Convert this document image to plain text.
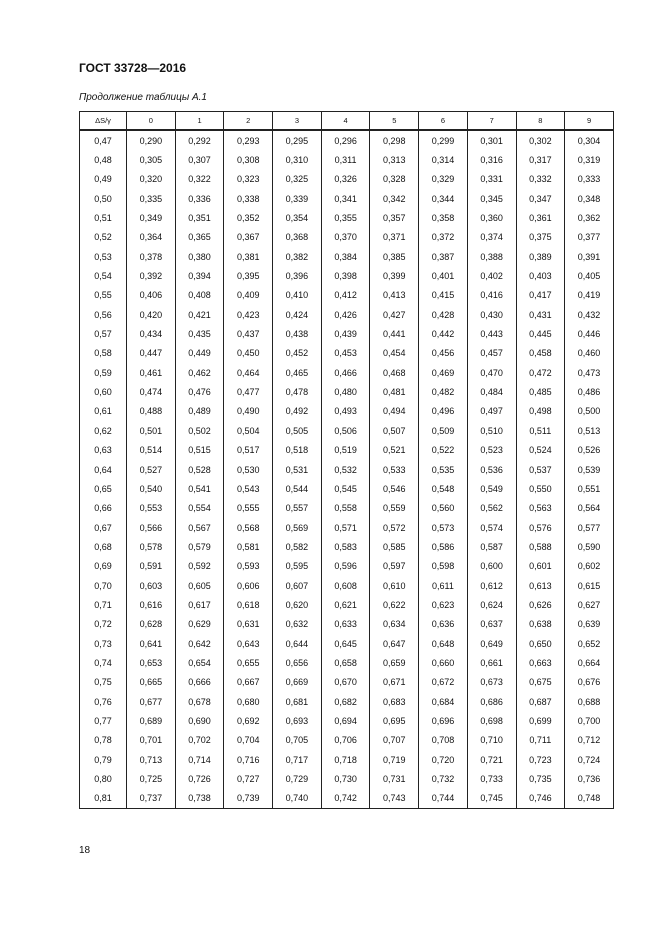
ГОСТ 33728—2016
Продолжение таблицы А.1
ΔS/γ	0	1	2	3	4	5	6	7	8	9
0,47	0,290	0,292	0,293	0,295	0,296	0,298	0,299	0,301	0,302	0,304
0,48	0,305	0,307	0,308	0,310	0,311	0,313	0,314	0,316	0,317	0,319
0,49	0,320	0,322	0,323	0,325	0,326	0,328	0,329	0,331	0,332	0,333
0,50	0,335	0,336	0,338	0,339	0,341	0,342	0,344	0,345	0,347	0,348
0,51	0,349	0,351	0,352	0,354	0,355	0,357	0,358	0,360	0,361	0,362
0,52	0,364	0,365	0,367	0,368	0,370	0,371	0,372	0,374	0,375	0,377
0,53	0,378	0,380	0,381	0,382	0,384	0,385	0,387	0,388	0,389	0,391
0,54	0,392	0,394	0,395	0,396	0,398	0,399	0,401	0,402	0,403	0,405
0,55	0,406	0,408	0,409	0,410	0,412	0,413	0,415	0,416	0,417	0,419
0,56	0,420	0,421	0,423	0,424	0,426	0,427	0,428	0,430	0,431	0,432
0,57	0,434	0,435	0,437	0,438	0,439	0,441	0,442	0,443	0,445	0,446
0,58	0,447	0,449	0,450	0,452	0,453	0,454	0,456	0,457	0,458	0,460
0,59	0,461	0,462	0,464	0,465	0,466	0,468	0,469	0,470	0,472	0,473
0,60	0,474	0,476	0,477	0,478	0,480	0,481	0,482	0,484	0,485	0,486
0,61	0,488	0,489	0,490	0,492	0,493	0,494	0,496	0,497	0,498	0,500
0,62	0,501	0,502	0,504	0,505	0,506	0,507	0,509	0,510	0,511	0,513
0,63	0,514	0,515	0,517	0,518	0,519	0,521	0,522	0,523	0,524	0,526
0,64	0,527	0,528	0,530	0,531	0,532	0,533	0,535	0,536	0,537	0,539
0,65	0,540	0,541	0,543	0,544	0,545	0,546	0,548	0,549	0,550	0,551
0,66	0,553	0,554	0,555	0,557	0,558	0,559	0,560	0,562	0,563	0,564
0,67	0,566	0,567	0,568	0,569	0,571	0,572	0,573	0,574	0,576	0,577
0,68	0,578	0,579	0,581	0,582	0,583	0,585	0,586	0,587	0,588	0,590
0,69	0,591	0,592	0,593	0,595	0,596	0,597	0,598	0,600	0,601	0,602
0,70	0,603	0,605	0,606	0,607	0,608	0,610	0,611	0,612	0,613	0,615
0,71	0,616	0,617	0,618	0,620	0,621	0,622	0,623	0,624	0,626	0,627
0,72	0,628	0,629	0,631	0,632	0,633	0,634	0,636	0,637	0,638	0,639
0,73	0,641	0,642	0,643	0,644	0,645	0,647	0,648	0,649	0,650	0,652
0,74	0,653	0,654	0,655	0,656	0,658	0,659	0,660	0,661	0,663	0,664
0,75	0,665	0,666	0,667	0,669	0,670	0,671	0,672	0,673	0,675	0,676
0,76	0,677	0,678	0,680	0,681	0,682	0,683	0,684	0,686	0,687	0,688
0,77	0,689	0,690	0,692	0,693	0,694	0,695	0,696	0,698	0,699	0,700
0,78	0,701	0,702	0,704	0,705	0,706	0,707	0,708	0,710	0,711	0,712
0,79	0,713	0,714	0,716	0,717	0,718	0,719	0,720	0,721	0,723	0,724
0,80	0,725	0,726	0,727	0,729	0,730	0,731	0,732	0,733	0,735	0,736
0,81	0,737	0,738	0,739	0,740	0,742	0,743	0,744	0,745	0,746	0,748
18
